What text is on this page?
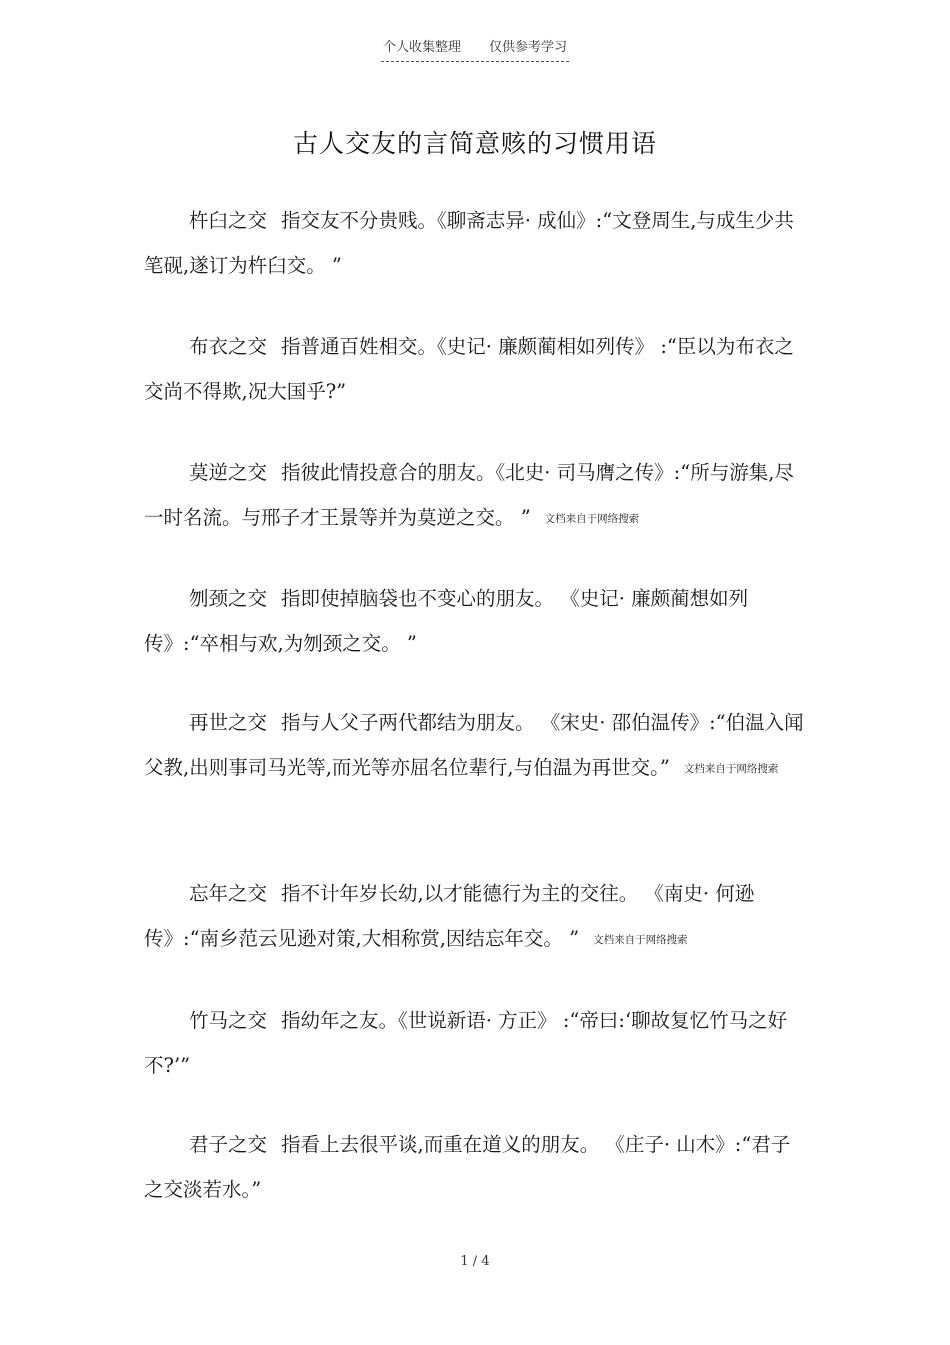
个人收集整理 仅供参考学习
古人交友的言简意赅的习惯用语
杵臼之交 指交友不分贵贱。《聊斋志异· 成仙》:“文登周生,与成生少共笔砚,遂订为杵臼交。 ”
布衣之交 指普通百姓相交。《史记· 廉颇蔺相如列传》 :“臣以为布衣之交尚不得欺,况大国乎?”
莫逆之交 指彼此情投意合的朋友。《北史· 司马膺之传》:“所与游集,尽一时名流。与邢子才王景等并为莫逆之交。 ” 文档来自于网络搜索
刎颈之交 指即使掉脑袋也不变心的朋友。 《史记· 廉颇蔺想如列传》:“卒相与欢,为刎颈之交。 ”
再世之交 指与人父子两代都结为朋友。 《宋史· 邵伯温传》:“伯温入闻父教,出则事司马光等,而光等亦屈名位辈行,与伯温为再世交。” 文档来自于网络搜索
忘年之交 指不计年岁长幼,以才能德行为主的交往。 《南史· 何逊传》:“南乡范云见逊对策,大相称赏,因结忘年交。 ” 文档来自于网络搜索
竹马之交 指幼年之友。《世说新语· 方正》 :“帝曰:‘聊故复忆竹马之好不?’”
君子之交 指看上去很平谈,而重在道义的朋友。 《庄子· 山木》:“君子之交淡若水。”
1 / 4
